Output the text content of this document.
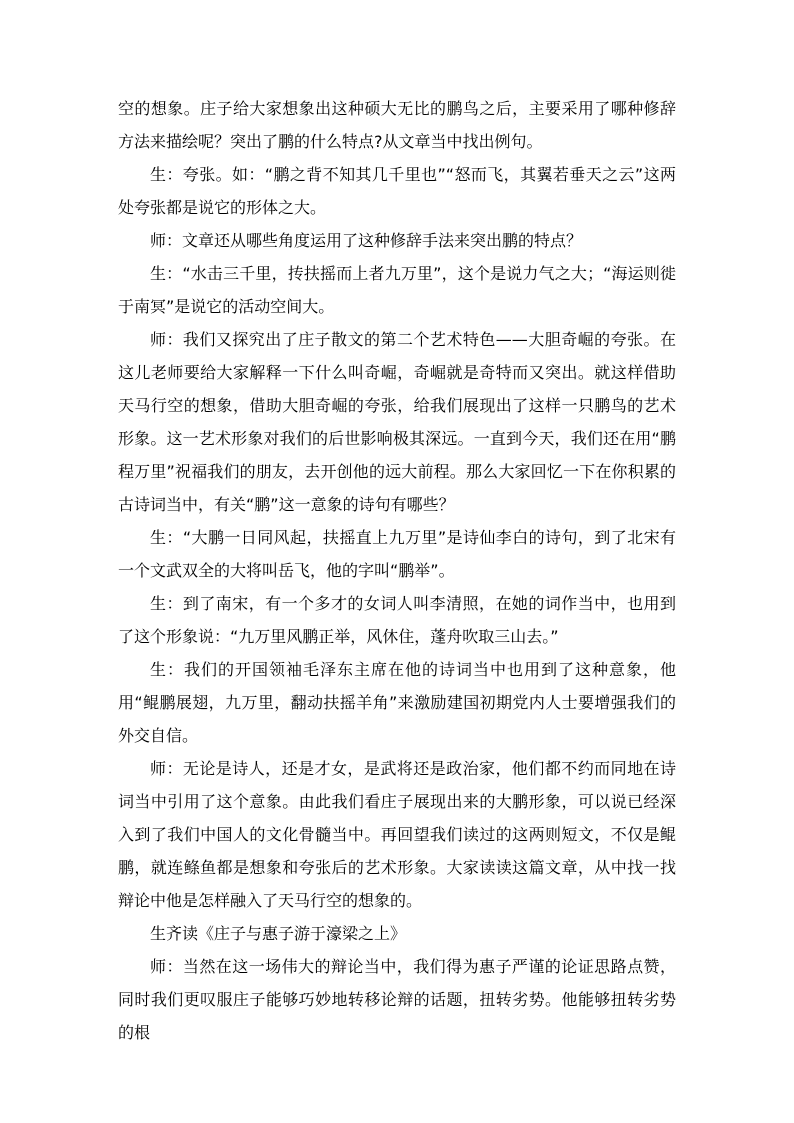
空的想象。庄子给大家想象出这种硕大无比的鹏鸟之后，主要采用了哪种修辞方法来描绘呢？突出了鹏的什么特点?从文章当中找出例句。

生：夸张。如：“鹏之背不知其几千里也”“怒而飞，其翼若垂天之云”这两处夸张都是说它的形体之大。

师：文章还从哪些角度运用了这种修辞手法来突出鹏的特点？

生：“水击三千里，抟扶摇而上者九万里”，这个是说力气之大；“海运则徙于南冥”是说它的活动空间大。

师：我们又探究出了庄子散文的第二个艺术特色——大胆奇崛的夸张。在这儿老师要给大家解释一下什么叫奇崛，奇崛就是奇特而又突出。就这样借助天马行空的想象，借助大胆奇崛的夸张，给我们展现出了这样一只鹏鸟的艺术形象。这一艺术形象对我们的后世影响极其深远。一直到今天，我们还在用“鹏程万里”祝福我们的朋友，去开创他的远大前程。那么大家回忆一下在你积累的古诗词当中，有关“鹏”这一意象的诗句有哪些？

生：“大鹏一日同风起，扶摇直上九万里”是诗仙李白的诗句，到了北宋有一个文武双全的大将叫岳飞，他的字叫“鹏举”。

生：到了南宋，有一个多才的女词人叫李清照，在她的词作当中，也用到了这个形象说：“九万里风鹏正举，风休住，蓬舟吹取三山去。”

生：我们的开国领袖毛泽东主席在他的诗词当中也用到了这种意象，他用“鲲鹏展翅，九万里，翻动扶摇羊角”来激励建国初期党内人士要增强我们的外交自信。

师：无论是诗人，还是才女，是武将还是政治家，他们都不约而同地在诗词当中引用了这个意象。由此我们看庄子展现出来的大鹏形象，可以说已经深入到了我们中国人的文化骨髓当中。再回望我们读过的这两则短文，不仅是鲲鹏，就连鲦鱼都是想象和夸张后的艺术形象。大家读读这篇文章，从中找一找辩论中他是怎样融入了天马行空的想象的。

生齐读《庄子与惠子游于濠梁之上》

师：当然在这一场伟大的辩论当中，我们得为惠子严谨的论证思路点赞，同时我们更叹服庄子能够巧妙地转移论辩的话题，扭转劣势。他能够扭转劣势的根
